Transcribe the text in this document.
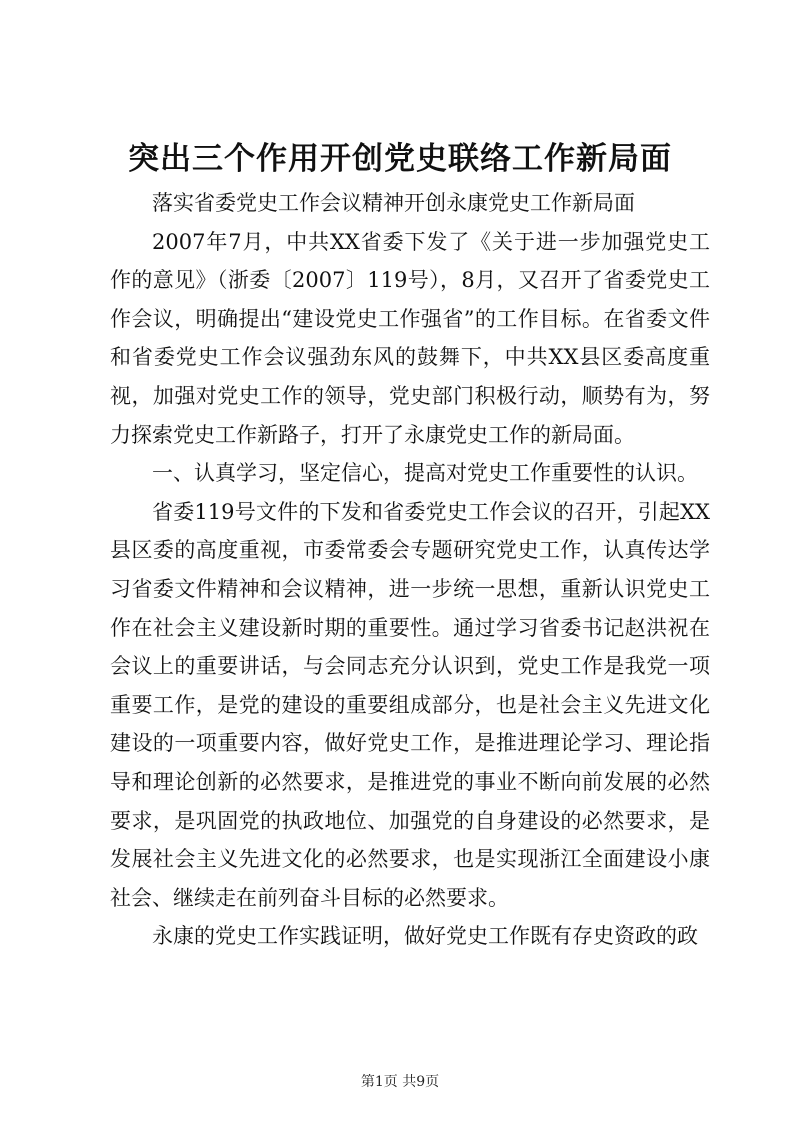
突出三个作用开创党史联络工作新局面

落实省委党史工作会议精神开创永康党史工作新局面

2007年7月，中共XX省委下发了《关于进一步加强党史工作的意见》（浙委〔2007〕119号），8月，又召开了省委党史工作会议，明确提出“建设党史工作强省”的工作目标。在省委文件和省委党史工作会议强劲东风的鼓舞下，中共XX县区委高度重视，加强对党史工作的领导，党史部门积极行动，顺势有为，努力探索党史工作新路子，打开了永康党史工作的新局面。

一、认真学习，坚定信心，提高对党史工作重要性的认识。

省委119号文件的下发和省委党史工作会议的召开，引起XX县区委的高度重视，市委常委会专题研究党史工作，认真传达学习省委文件精神和会议精神，进一步统一思想，重新认识党史工作在社会主义建设新时期的重要性。通过学习省委书记赵洪祝在会议上的重要讲话，与会同志充分认识到，党史工作是我党一项重要工作，是党的建设的重要组成部分，也是社会主义先进文化建设的一项重要内容，做好党史工作，是推进理论学习、理论指导和理论创新的必然要求，是推进党的事业不断向前发展的必然要求，是巩固党的执政地位、加强党的自身建设的必然要求，是发展社会主义先进文化的必然要求，也是实现浙江全面建设小康社会、继续走在前列奋斗目标的必然要求。

永康的党史工作实践证明，做好党史工作既有存史资政的政

第1页 共9页
